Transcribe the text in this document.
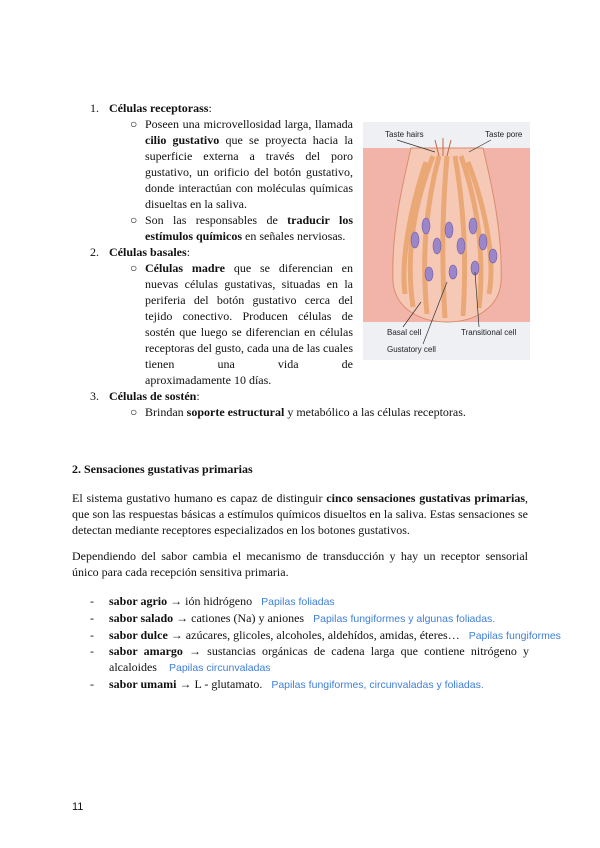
1. Células receptorass:
○ Poseen una microvellosidad larga, llamada cilio gustativo que se proyecta hacia la superficie externa a través del poro gustativo, un orificio del botón gustativo, donde interactúan con moléculas químicas disueltas en la saliva.

○ Son las responsables de traducir los estímulos químicos en señales nerviosas.

2. Células basales:
○ Células madre que se diferencian en nuevas células gustativas, situadas en la periferia del botón gustativo cerca del tejido conectivo. Producen células de sostén que luego se diferencian en células receptoras del gusto, cada una de las cuales tienen una vida de

aproximadamente 10 días.

3. Células de sostén:
○ Brindan soporte estructural y metabólico a las células receptoras.
Taste hairs	Taste pore
Basal cell	Transitional cell
Gustatory cell
2. Sensaciones gustativas primarias

El sistema gustativo humano es capaz de distinguir cinco sensaciones gustativas primarias, que son las respuestas básicas a estímulos químicos disueltos en la saliva. Estas sensaciones se detectan mediante receptores especializados en los botones gustativos.

Dependiendo del sabor cambia el mecanismo de transducción y hay un receptor sensorial único para cada recepción sensitiva primaria.

- sabor agrio → ión hidrógeno Papilas foliadas
- sabor salado → cationes (Na) y aniones Papilas fungiformes y algunas foliadas.
- sabor dulce → azúcares, glicoles, alcoholes, aldehídos, amidas, éteres… Papilas fungiformes
- sabor amargo → sustancias orgánicas de cadena larga que contiene nitrógeno y
alcaloides Papilas circunvaladas
- sabor umami → L - glutamato. Papilas fungiformes, circunvaladas y foliadas.
11
